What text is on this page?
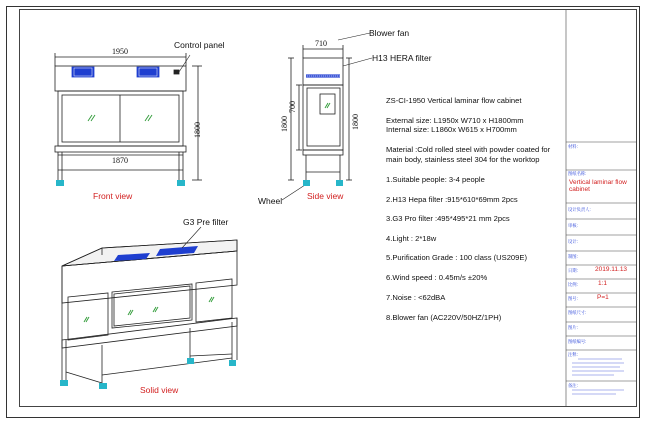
Control panel
Blower fan
H13 HERA filter
G3 Pre filter
Wheel
Front view	Side view
Solid view
1950
1870
1800
710
1800
700
1800
ZS-CI-1950 Vertical laminar flow cabinet
External size: L1950x W710 x H1800mm
Internal size: L1860x W615 x H700mm
Material :Cold rolled steel with powder coated for
main body, stainless steel 304 for the worktop
1.Suitable people: 3-4 people
2.H13 Hepa filter :915*610*69mm 2pcs
3.G3 Pro filter :495*495*21 mm 2pcs
4.Light : 2*18w
5.Purification Grade : 100 class (US209E)
6.Wind speed : 0.45m/s ±20%
7.Noise : <62dBA
8.Blower fan (AC220V/50HZ/1PH)
材料:
图纸名称:
Vertical laminar flow cabinet
设计负责人:
审核:
设计:
制图:
日期:	2019.11.13
比例:	1:1
图号:	P=1
图纸尺寸:
图片:
图纸编号:
注释:
备注:
